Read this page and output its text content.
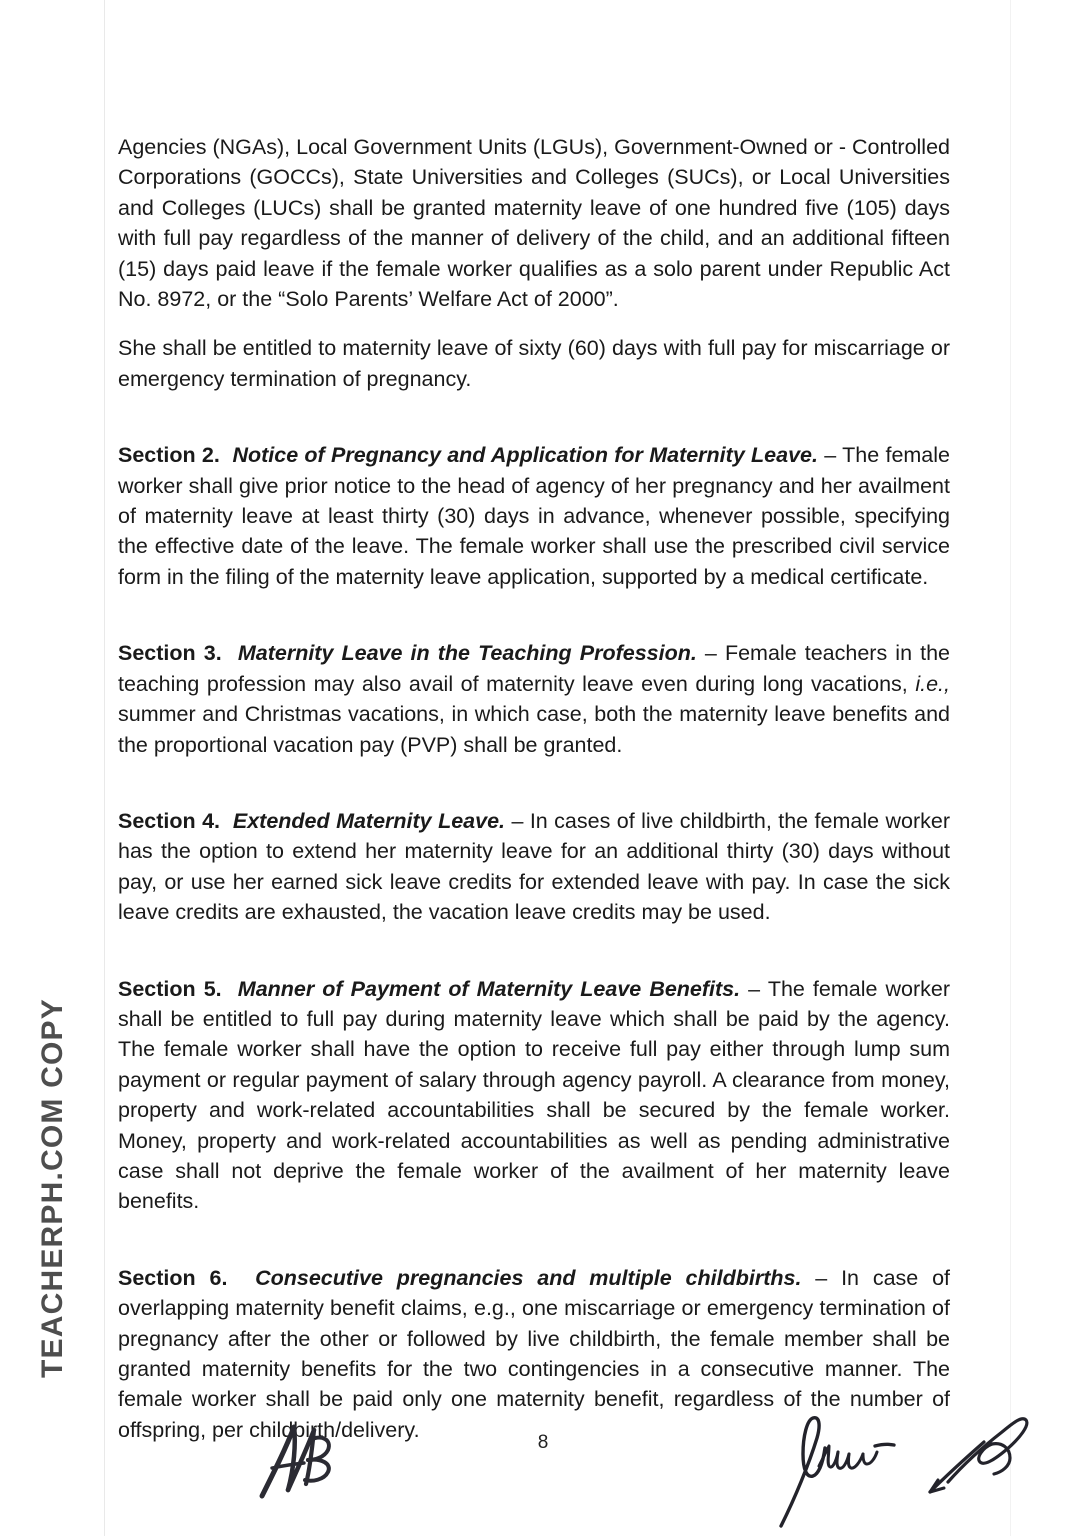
TEACHERPH.COM COPY

Agencies (NGAs), Local Government Units (LGUs), Government-Owned or - Controlled Corporations (GOCCs), State Universities and Colleges (SUCs), or Local Universities and Colleges (LUCs) shall be granted maternity leave of one hundred five (105) days with full pay regardless of the manner of delivery of the child, and an additional fifteen (15) days paid leave if the female worker qualifies as a solo parent under Republic Act No. 8972, or the “Solo Parents’ Welfare Act of 2000”.

She shall be entitled to maternity leave of sixty (60) days with full pay for miscarriage or emergency termination of pregnancy.

Section 2. Notice of Pregnancy and Application for Maternity Leave. – The female worker shall give prior notice to the head of agency of her pregnancy and her availment of maternity leave at least thirty (30) days in advance, whenever possible, specifying the effective date of the leave. The female worker shall use the prescribed civil service form in the filing of the maternity leave application, supported by a medical certificate.

Section 3. Maternity Leave in the Teaching Profession. – Female teachers in the teaching profession may also avail of maternity leave even during long vacations, i.e., summer and Christmas vacations, in which case, both the maternity leave benefits and the proportional vacation pay (PVP) shall be granted.

Section 4. Extended Maternity Leave. – In cases of live childbirth, the female worker has the option to extend her maternity leave for an additional thirty (30) days without pay, or use her earned sick leave credits for extended leave with pay. In case the sick leave credits are exhausted, the vacation leave credits may be used.

Section 5. Manner of Payment of Maternity Leave Benefits. – The female worker shall be entitled to full pay during maternity leave which shall be paid by the agency. The female worker shall have the option to receive full pay either through lump sum payment or regular payment of salary through agency payroll. A clearance from money, property and work-related accountabilities shall be secured by the female worker. Money, property and work-related accountabilities as well as pending administrative case shall not deprive the female worker of the availment of her maternity leave benefits.

Section 6. Consecutive pregnancies and multiple childbirths. – In case of overlapping maternity benefit claims, e.g., one miscarriage or emergency termination of pregnancy after the other or followed by live childbirth, the female member shall be granted maternity benefits for the two contingencies in a consecutive manner. The female worker shall be paid only one maternity benefit, regardless of the number of offspring, per childbirth/delivery.

8
